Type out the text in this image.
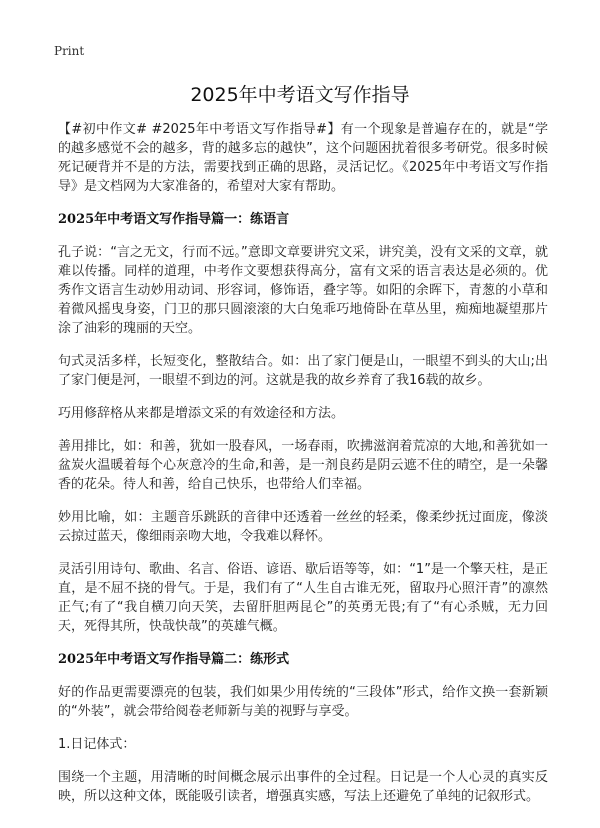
Print
2025年中考语文写作指导

【#初中作文# #2025年中考语文写作指导#】有一个现象是普遍存在的，就是“学的越多感觉不会的越多，背的越多忘的越快”，这个问题困扰着很多考研党。很多时候死记硬背并不是的方法，需要找到正确的思路，灵活记忆。《2025年中考语文写作指导》是文档网为大家准备的，希望对大家有帮助。

2025年中考语文写作指导篇一：练语言

孔子说：“言之无文，行而不远。”意即文章要讲究文采，讲究美，没有文采的文章，就难以传播。同样的道理，中考作文要想获得高分，富有文采的语言表达是必须的。优秀作文语言生动妙用动词、形容词，修饰语，叠字等。如阳的余晖下，青葱的小草和着微风摇曳身姿，门卫的那只圆滚滚的大白兔乖巧地倚卧在草丛里，痴痴地凝望那片涂了油彩的瑰丽的天空。

句式灵活多样，长短变化，整散结合。如：出了家门便是山，一眼望不到头的大山;出了家门便是河，一眼望不到边的河。这就是我的故乡养育了我16载的故乡。

巧用修辞格从来都是增添文采的有效途径和方法。

善用排比，如：和善，犹如一股春风，一场春雨，吹拂滋润着荒凉的大地,和善犹如一盆炭火温暖着每个心灰意冷的生命,和善，是一剂良药是阴云遮不住的晴空，是一朵馨香的花朵。待人和善，给自己快乐，也带给人们幸福。

妙用比喻，如：主题音乐跳跃的音律中还透着一丝丝的轻柔，像柔纱抚过面庞，像淡云掠过蓝天，像细雨亲吻大地，令我难以释怀。

灵活引用诗句、歌曲、名言、俗语、谚语、歇后语等等，如：“1”是一个擎天柱，是正直，是不屈不挠的骨气。于是，我们有了“人生自古谁无死，留取丹心照汗青”的凛然正气;有了“我自横刀向天笑，去留肝胆两昆仑”的英勇无畏;有了“有心杀贼，无力回天，死得其所，快哉快哉”的英雄气概。

2025年中考语文写作指导篇二：练形式

好的作品更需要漂亮的包装，我们如果少用传统的“三段体”形式，给作文换一套新颖的“外装”，就会带给阅卷老师新与美的视野与享受。

1.日记体式：

围绕一个主题，用清晰的时间概念展示出事件的全过程。日记是一个人心灵的真实反映，所以这种文体，既能吸引读者，增强真实感，写法上还避免了单纯的记叙形式。
